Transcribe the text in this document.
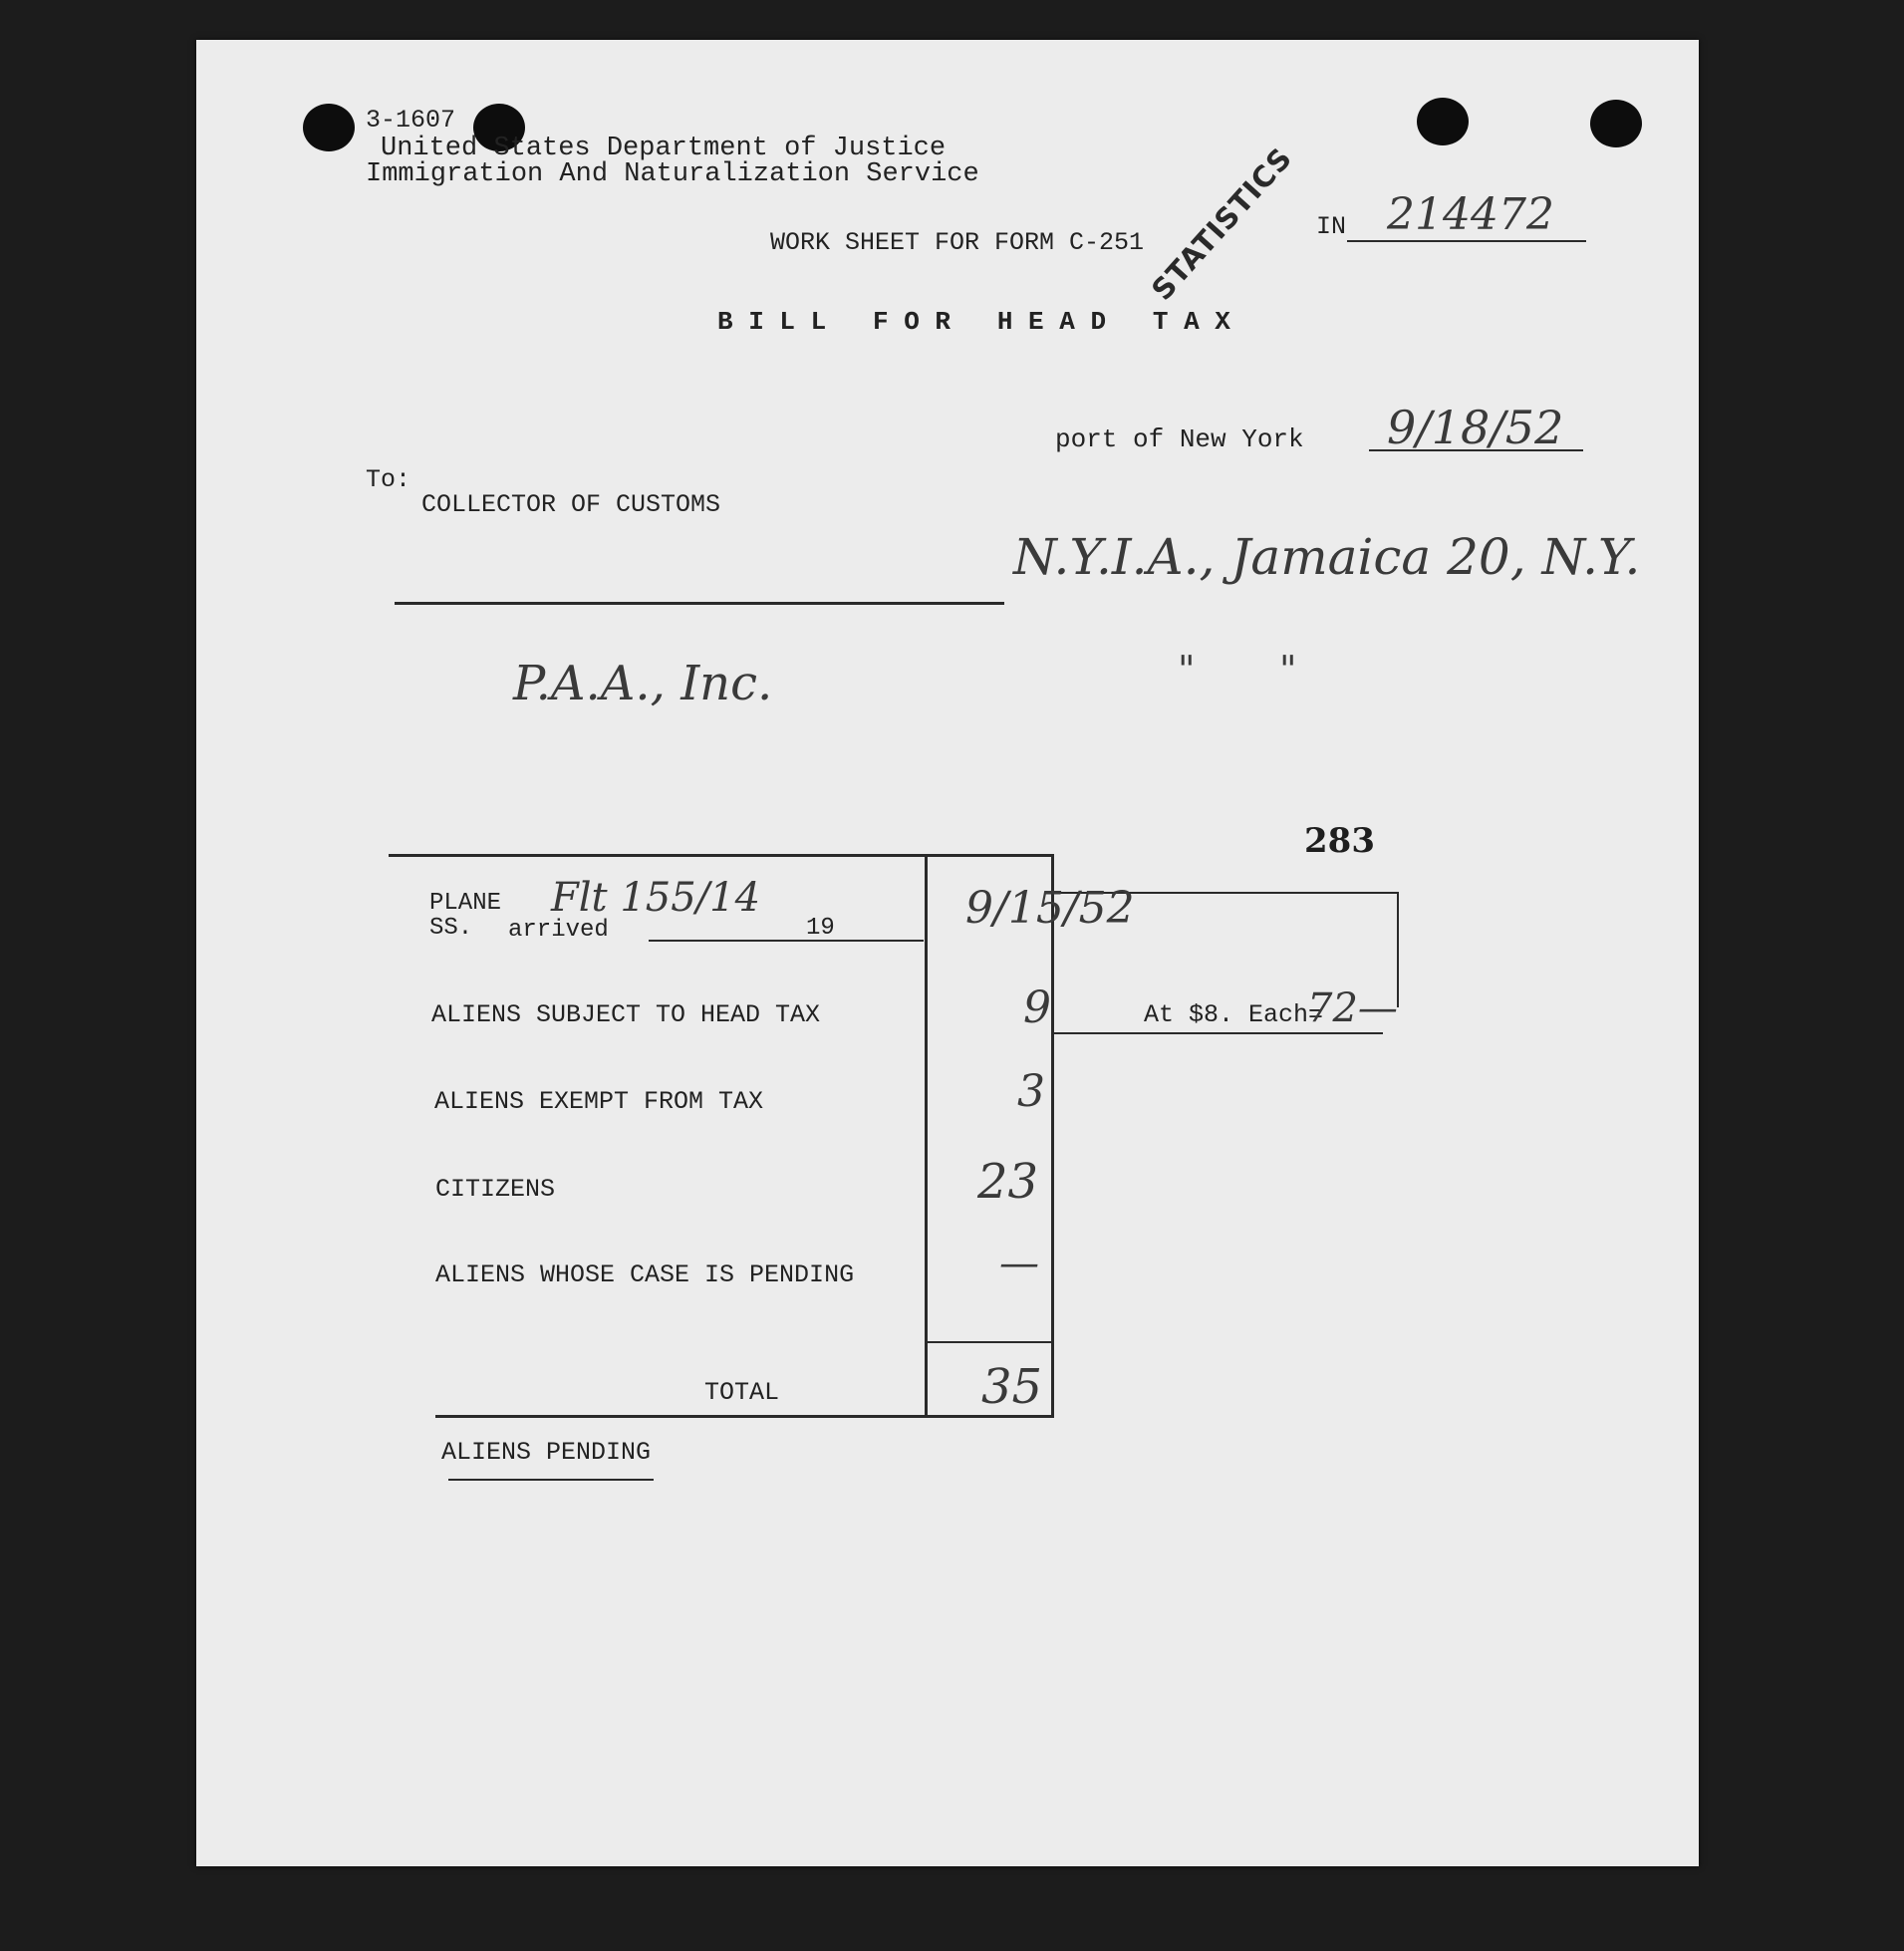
3-1607
United States Department of Justice
Immigration And Naturalization Service	STATISTICS
WORK SHEET FOR FORM C-251
IN 214472
B I L L   F O R   H E A D   T A X
port of New York 9/18/52
To:
COLLECTOR OF CUSTOMS
N.Y.I.A., Jamaica 20, N.Y.
P.A.A., Inc.	"       "
283
PLANE Flt 155/14
SS. arrived	19	9/15/52
ALIENS SUBJECT TO HEAD TAX	9	At $8. Each=
72—
ALIENS EXEMPT FROM TAX	3
CITIZENS	23
ALIENS WHOSE CASE IS PENDING	—
TOTAL	35
ALIENS PENDING
